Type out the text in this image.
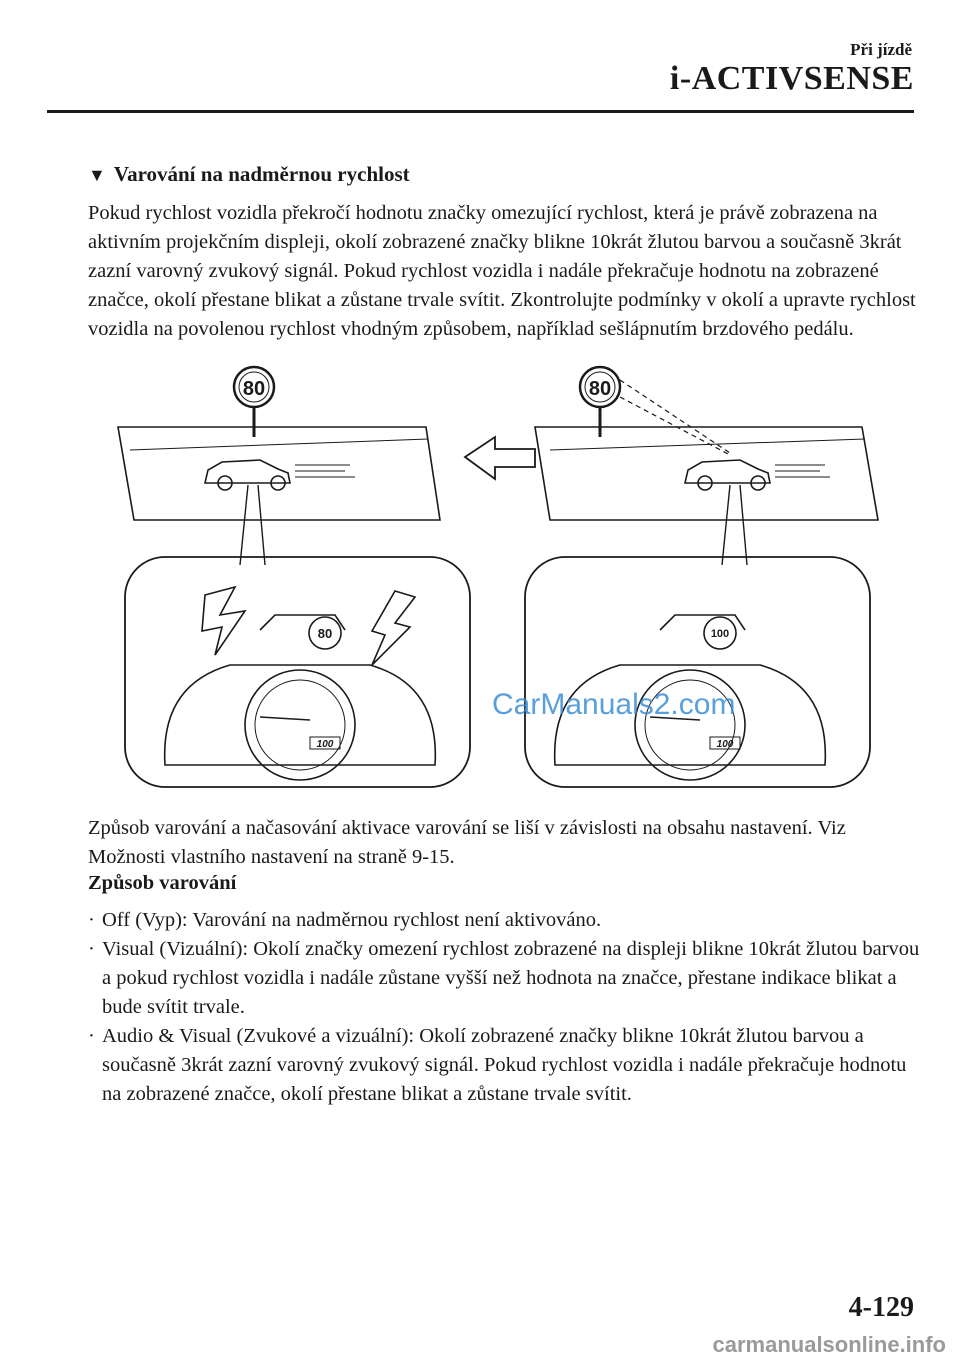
Při jízdě
i-ACTIVSENSE
▼ Varování na nadměrnou rychlost

Pokud rychlost vozidla překročí hodnotu značky omezující rychlost, která je právě zobrazena na aktivním projekčním displeji, okolí zobrazené značky blikne 10krát žlutou barvou a současně 3krát zazní varovný zvukový signál. Pokud rychlost vozidla i nadále překračuje hodnotu na zobrazené značce, okolí přestane blikat a zůstane trvale svítit. Zkontrolujte podmínky v okolí a upravte rychlost vozidla na povolenou rychlost vhodným způsobem, například sešlápnutím brzdového pedálu.

80	80
80	100
100	100
CarManuals2.com

Způsob varování a načasování aktivace varování se liší v závislosti na obsahu nastavení. Viz Možnosti vlastního nastavení na straně 9-15.

Způsob varování
· Off (Vyp): Varování na nadměrnou rychlost není aktivováno.
· Visual (Vizuální): Okolí značky omezení rychlost zobrazené na displeji blikne 10krát žlutou barvou a pokud rychlost vozidla i nadále zůstane vyšší než hodnota na značce, přestane indikace blikat a bude svítit trvale.
· Audio & Visual (Zvukové a vizuální): Okolí zobrazené značky blikne 10krát žlutou barvou a současně 3krát zazní varovný zvukový signál. Pokud rychlost vozidla i nadále překračuje hodnotu na zobrazené značce, okolí přestane blikat a zůstane trvale svítit.
4-129
carmanualsonline.info
